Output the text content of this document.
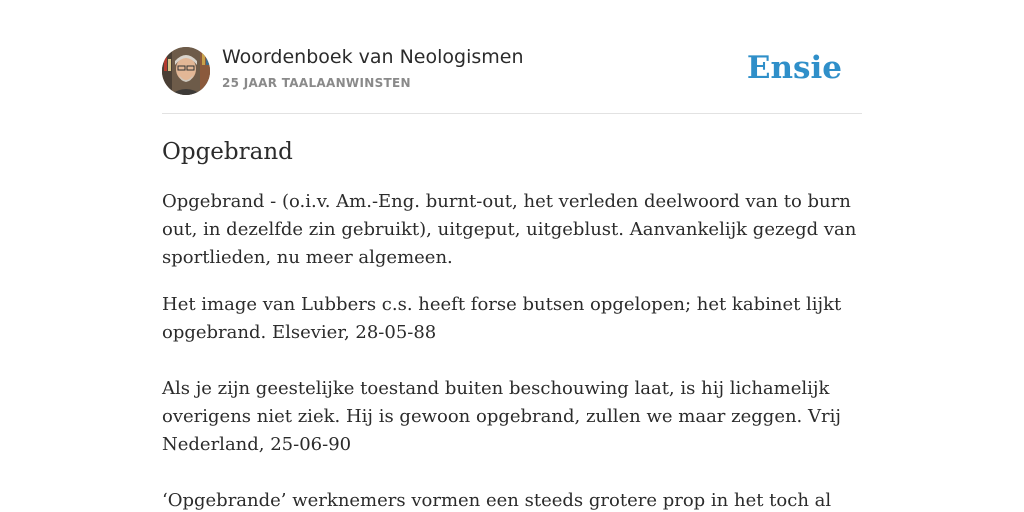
Woordenboek van Neologismen
25 JAAR TAALAANWINSTEN	Ensie
Opgebrand

Opgebrand - (o.i.v. Am.-Eng. burnt-out, het verleden deelwoord van to burn out, in dezelfde zin gebruikt), uitgeput, uitgeblust. Aanvankelijk gezegd van sportlieden, nu meer algemeen.

Het image van Lubbers c.s. heeft forse butsen opgelopen; het kabinet lijkt opgebrand. Elsevier, 28-05-88

Als je zijn geestelijke toestand buiten beschouwing laat, is hij lichamelijk overigens niet ziek. Hij is gewoon opgebrand, zullen we maar zeggen. Vrij Nederland, 25-06-90

‘Opgebrande’ werknemers vormen een steeds grotere prop in het toch al
